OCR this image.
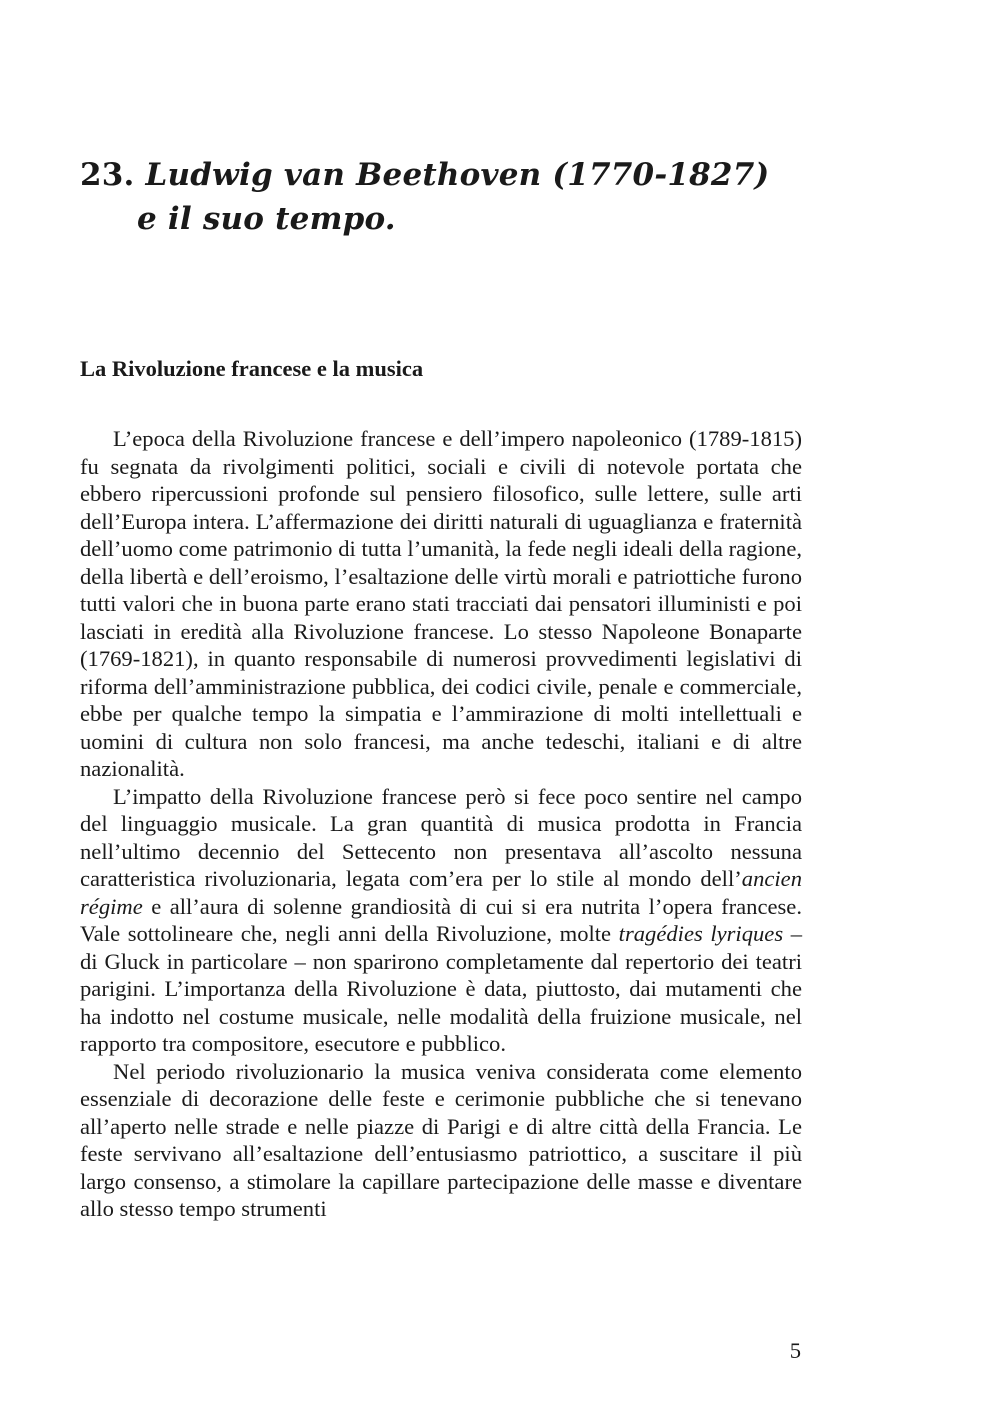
23. Ludwig van Beethoven (1770-1827)
e il suo tempo.
La Rivoluzione francese e la musica

L’epoca della Rivoluzione francese e dell’impero napoleonico (1789-1815) fu segnata da rivolgimenti politici, sociali e civili di notevole portata che ebbero ripercussioni profonde sul pensiero filosofico, sulle lettere, sulle arti dell’Europa intera. L’affermazione dei diritti naturali di uguaglianza e fraternità dell’uomo come patrimonio di tutta l’umanità, la fede negli ideali della ragione, della libertà e dell’eroismo, l’esaltazione delle virtù morali e patriottiche furono tutti valori che in buona parte erano stati tracciati dai pensatori illuministi e poi lasciati in eredità alla Rivoluzione francese. Lo stesso Napoleone Bonaparte (1769-1821), in quanto responsabile di numerosi provvedimenti legislativi di riforma dell’amministrazione pubblica, dei codici civile, penale e commerciale, ebbe per qualche tempo la simpatia e l’ammirazione di molti intellettuali e uomini di cultura non solo francesi, ma anche tedeschi, italiani e di altre nazionalità.

L’impatto della Rivoluzione francese però si fece poco sentire nel campo del linguaggio musicale. La gran quantità di musica prodotta in Francia nell’ultimo decennio del Settecento non presentava all’ascolto nessuna caratteristica rivoluzionaria, legata com’era per lo stile al mondo dell’ancien régime e all’aura di solenne grandiosità di cui si era nutrita l’opera francese. Vale sottolineare che, negli anni della Rivoluzione, molte tragédies lyriques – di Gluck in particolare – non sparirono completamente dal repertorio dei teatri parigini. L’importanza della Rivoluzione è data, piuttosto, dai mutamenti che ha indotto nel costume musicale, nelle modalità della fruizione musicale, nel rapporto tra compositore, esecutore e pubblico.

Nel periodo rivoluzionario la musica veniva considerata come elemento essenziale di decorazione delle feste e cerimonie pubbliche che si tenevano all’aperto nelle strade e nelle piazze di Parigi e di altre città della Francia. Le feste servivano all’esaltazione dell’entusiasmo patriottico, a suscitare il più largo consenso, a stimolare la capillare partecipazione delle masse e diventare allo stesso tempo strumenti

5
